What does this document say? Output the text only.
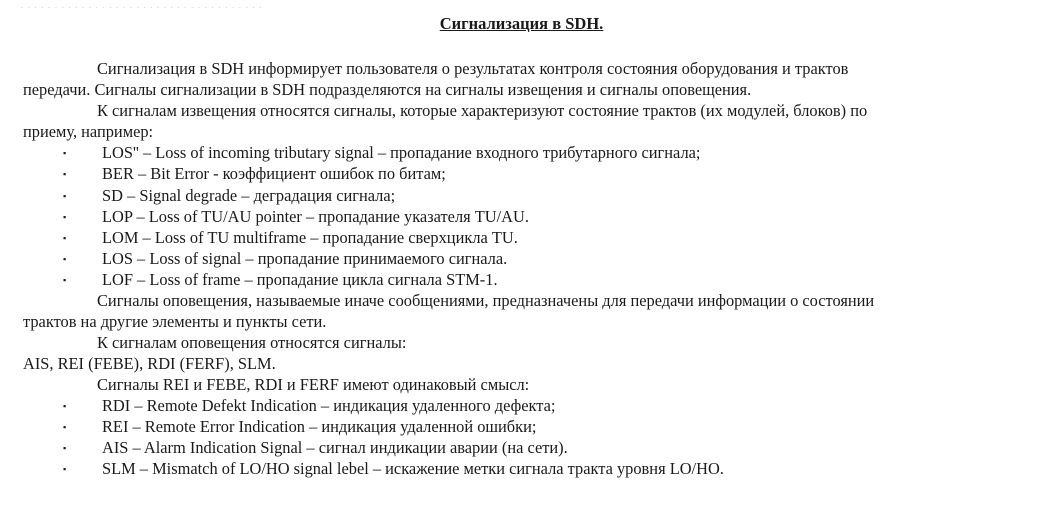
· · · · · · · · · · · · · · · · · · · · · · · · · · · · · · · · · · · ·
Сигнализация в SDH.
Сигнализация в SDH информирует пользователя о результатах контроля состояния оборудования и трактов
передачи. Сигналы сигнализации в SDH подразделяются на сигналы извещения и сигналы оповещения.
К сигналам извещения относятся сигналы, которые характеризуют состояние трактов (их модулей, блоков) по
приему, например:
▪ LOS'' – Loss of incoming tributary signal – пропадание входного трибутарного сигнала;
▪ BER – Bit Error - коэффициент ошибок по битам;
▪ SD – Signal degrade – деградация сигнала;
▪ LOP – Loss of TU/AU pointer – пропадание указателя TU/AU.
▪ LOM – Loss of TU multiframe – пропадание сверхцикла TU.
▪ LOS – Loss of signal – пропадание принимаемого сигнала.
▪ LOF – Loss of frame – пропадание цикла сигнала STM-1.
Сигналы оповещения, называемые иначе сообщениями, предназначены для передачи информации о состоянии
трактов на другие элементы и пункты сети.
К сигналам оповещения относятся сигналы:
AIS, REI (FEBE), RDI (FERF), SLM.
Сигналы REI и FEBE, RDI и FERF имеют одинаковый смысл:
▪ RDI – Remote Defekt Indication – индикация удаленного дефекта;
▪ REI – Remote Error Indication – индикация удаленной ошибки;
▪ AIS – Alarm Indication Signal – сигнал индикации аварии (на сети).
▪ SLM – Mismatch of LO/HO signal lebel – искажение метки сигнала тракта уровня LO/HO.
